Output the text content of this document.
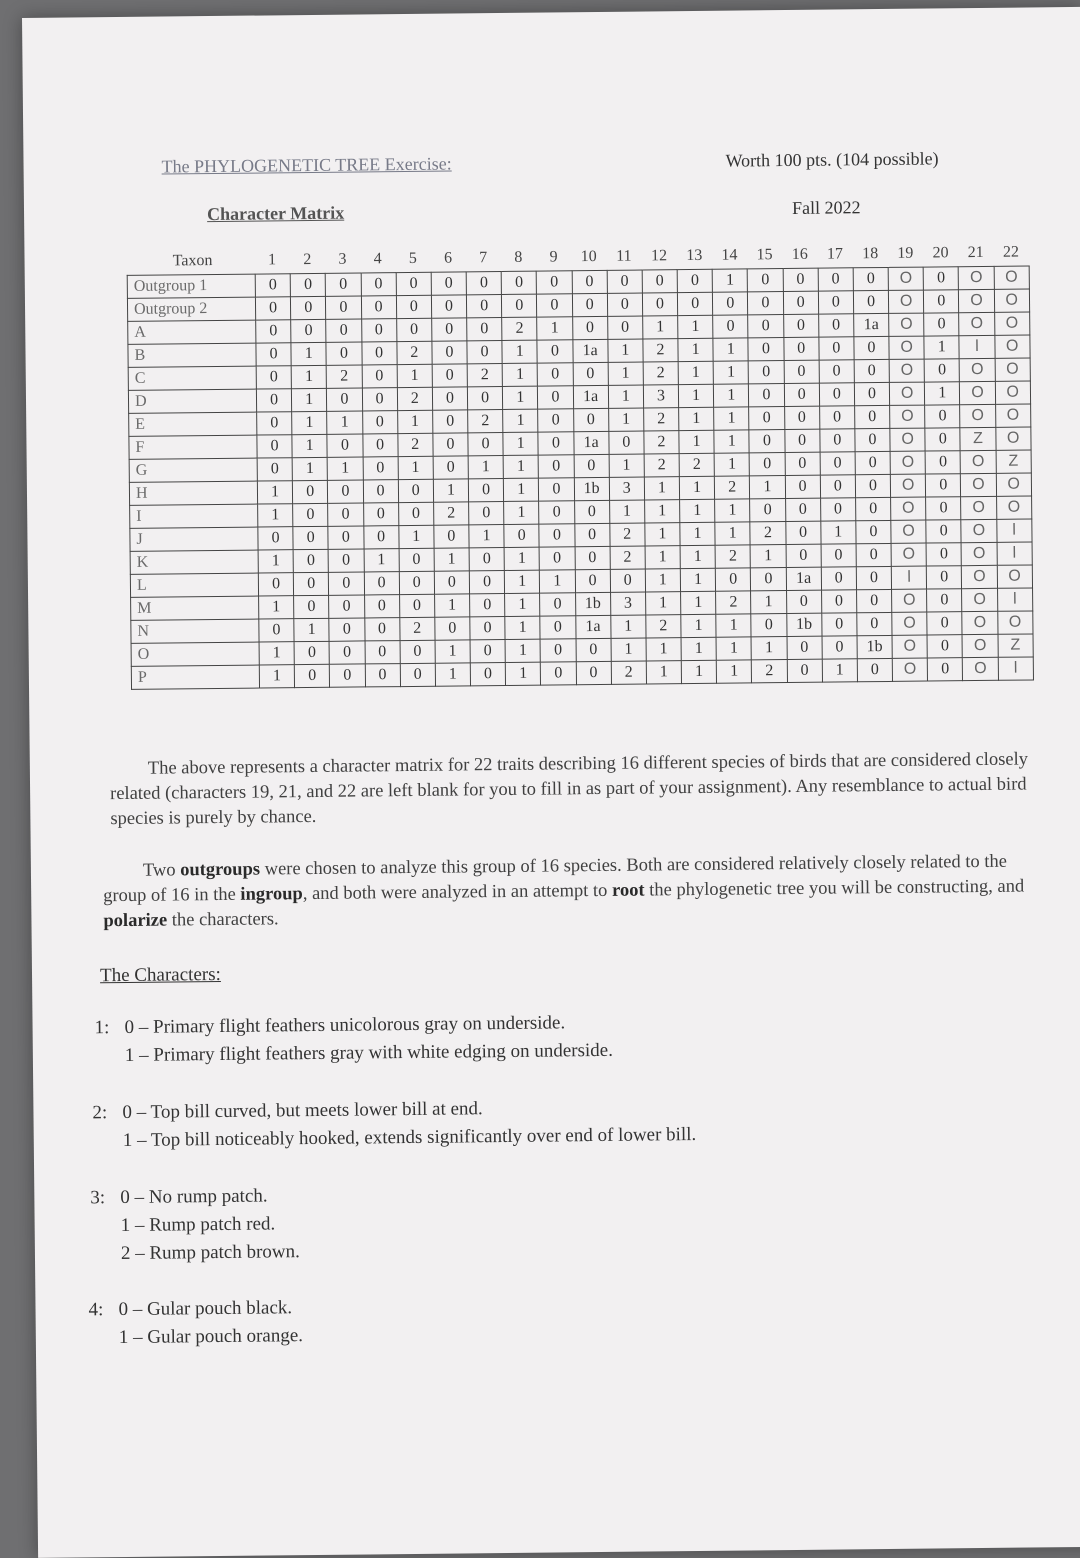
The PHYLOGENETIC TREE Exercise:	Worth 100 pts. (104 possible)
Character Matrix	Fall 2022
Taxon	1	2	3	4	5	6	7	8	9	10	11	12	13	14	15	16	17	18	19	20	21	22
Outgroup 1	0	0	0	0	0	0	0	0	0	0	0	0	0	1	0	0	0	0	O	0	O	O
Outgroup 2	0	0	0	0	0	0	0	0	0	0	0	0	0	0	0	0	0	0	O	0	O	O
A	0	0	0	0	0	0	0	2	1	0	0	1	1	0	0	0	0	1a	O	0	O	O
B	0	1	0	0	2	0	0	1	0	1a	1	2	1	1	0	0	0	0	O	1	l	O
C	0	1	2	0	1	0	2	1	0	0	1	2	1	1	0	0	0	0	O	0	O	O
D	0	1	0	0	2	0	0	1	0	1a	1	3	1	1	0	0	0	0	O	1	O	O
E	0	1	1	0	1	0	2	1	0	0	1	2	1	1	0	0	0	0	O	0	O	O
F	0	1	0	0	2	0	0	1	0	1a	0	2	1	1	0	0	0	0	O	0	Z	O
G	0	1	1	0	1	0	1	1	0	0	1	2	2	1	0	0	0	0	O	0	O	Z
H	1	0	0	0	0	1	0	1	0	1b	3	1	1	2	1	0	0	0	O	0	O	O
I	1	0	0	0	0	2	0	1	0	0	1	1	1	1	0	0	0	0	O	0	O	O
J	0	0	0	0	1	0	1	0	0	0	2	1	1	1	2	0	1	0	O	0	O	l
K	1	0	0	1	0	1	0	1	0	0	2	1	1	2	1	0	0	0	O	0	O	l
L	0	0	0	0	0	0	0	1	1	0	0	1	1	0	0	1a	0	0	l	0	O	O
M	1	0	0	0	0	1	0	1	0	1b	3	1	1	2	1	0	0	0	O	0	O	l
N	0	1	0	0	2	0	0	1	0	1a	1	2	1	1	0	1b	0	0	O	0	O	O
O	1	0	0	0	0	1	0	1	0	0	1	1	1	1	1	0	0	1b	O	0	O	Z
P	1	0	0	0	0	1	0	1	0	0	2	1	1	1	2	0	1	0	O	0	O	l
The above represents a character matrix for 22 traits describing 16 different species of birds that are considered closely related (characters 19, 21, and 22 are left blank for you to fill in as part of your assignment). Any resemblance to actual bird species is purely by chance.
Two outgroups were chosen to analyze this group of 16 species. Both are considered relatively closely related to the group of 16 in the ingroup, and both were analyzed in an attempt to root the phylogenetic tree you will be constructing, and polarize the characters.
The Characters:
1: 0 – Primary flight feathers unicolorous gray on underside.
1 – Primary flight feathers gray with white edging on underside.
2: 0 – Top bill curved, but meets lower bill at end.
1 – Top bill noticeably hooked, extends significantly over end of lower bill.
3: 0 – No rump patch.
1 – Rump patch red.
2 – Rump patch brown.
4: 0 – Gular pouch black.
1 – Gular pouch orange.
